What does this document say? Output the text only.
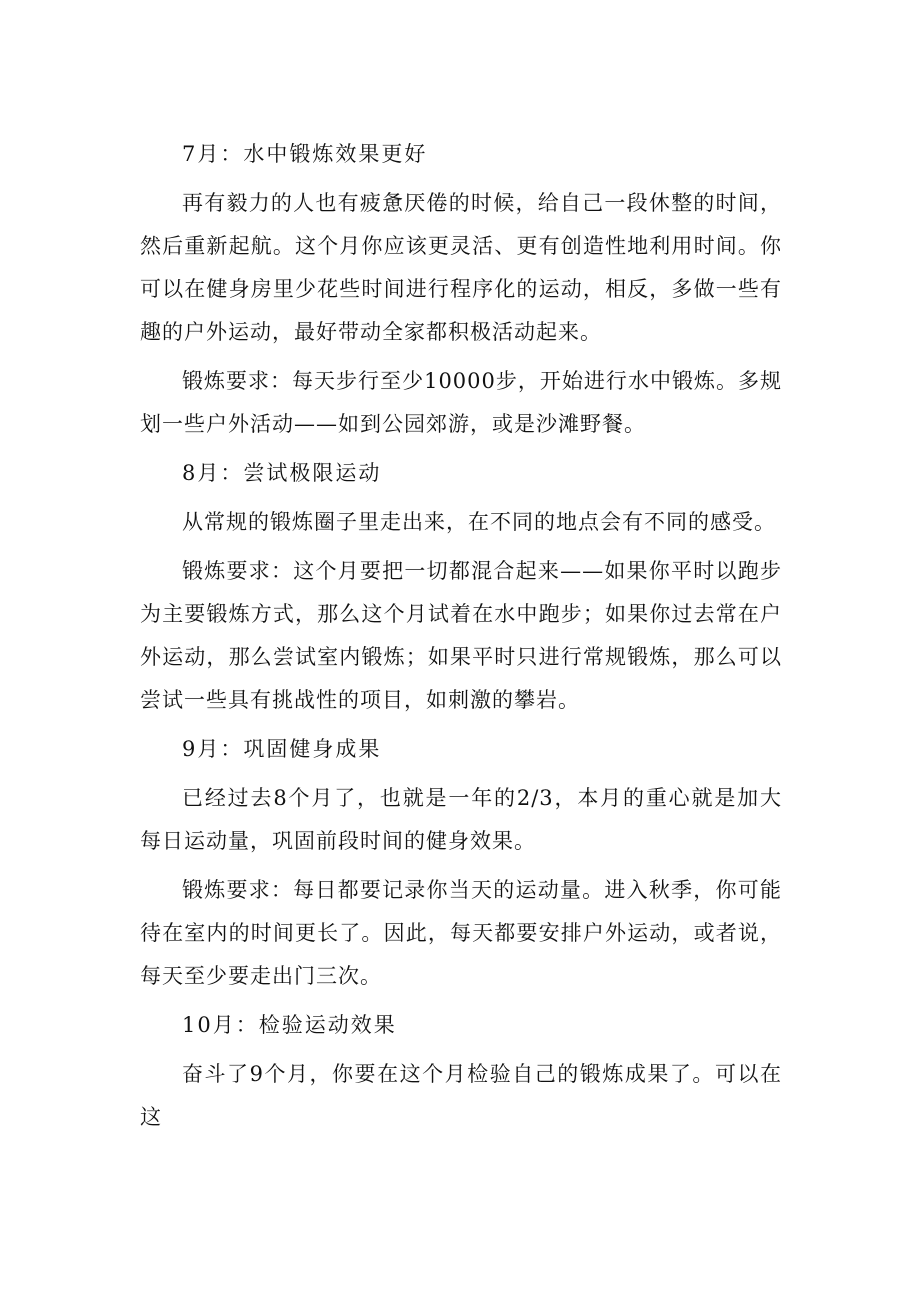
7月：水中锻炼效果更好

再有毅力的人也有疲惫厌倦的时候，给自己一段休整的时间，然后重新起航。这个月你应该更灵活、更有创造性地利用时间。你可以在健身房里少花些时间进行程序化的运动，相反，多做一些有趣的户外运动，最好带动全家都积极活动起来。

锻炼要求：每天步行至少10000步，开始进行水中锻炼。多规划一些户外活动——如到公园郊游，或是沙滩野餐。

8月：尝试极限运动

从常规的锻炼圈子里走出来，在不同的地点会有不同的感受。

锻炼要求：这个月要把一切都混合起来——如果你平时以跑步为主要锻炼方式，那么这个月试着在水中跑步；如果你过去常在户外运动，那么尝试室内锻炼；如果平时只进行常规锻炼，那么可以尝试一些具有挑战性的项目，如刺激的攀岩。

9月：巩固健身成果

已经过去8个月了，也就是一年的2/3，本月的重心就是加大每日运动量，巩固前段时间的健身效果。

锻炼要求：每日都要记录你当天的运动量。进入秋季，你可能待在室内的时间更长了。因此，每天都要安排户外运动，或者说，每天至少要走出门三次。

10月：检验运动效果

奋斗了9个月，你要在这个月检验自己的锻炼成果了。可以在这
